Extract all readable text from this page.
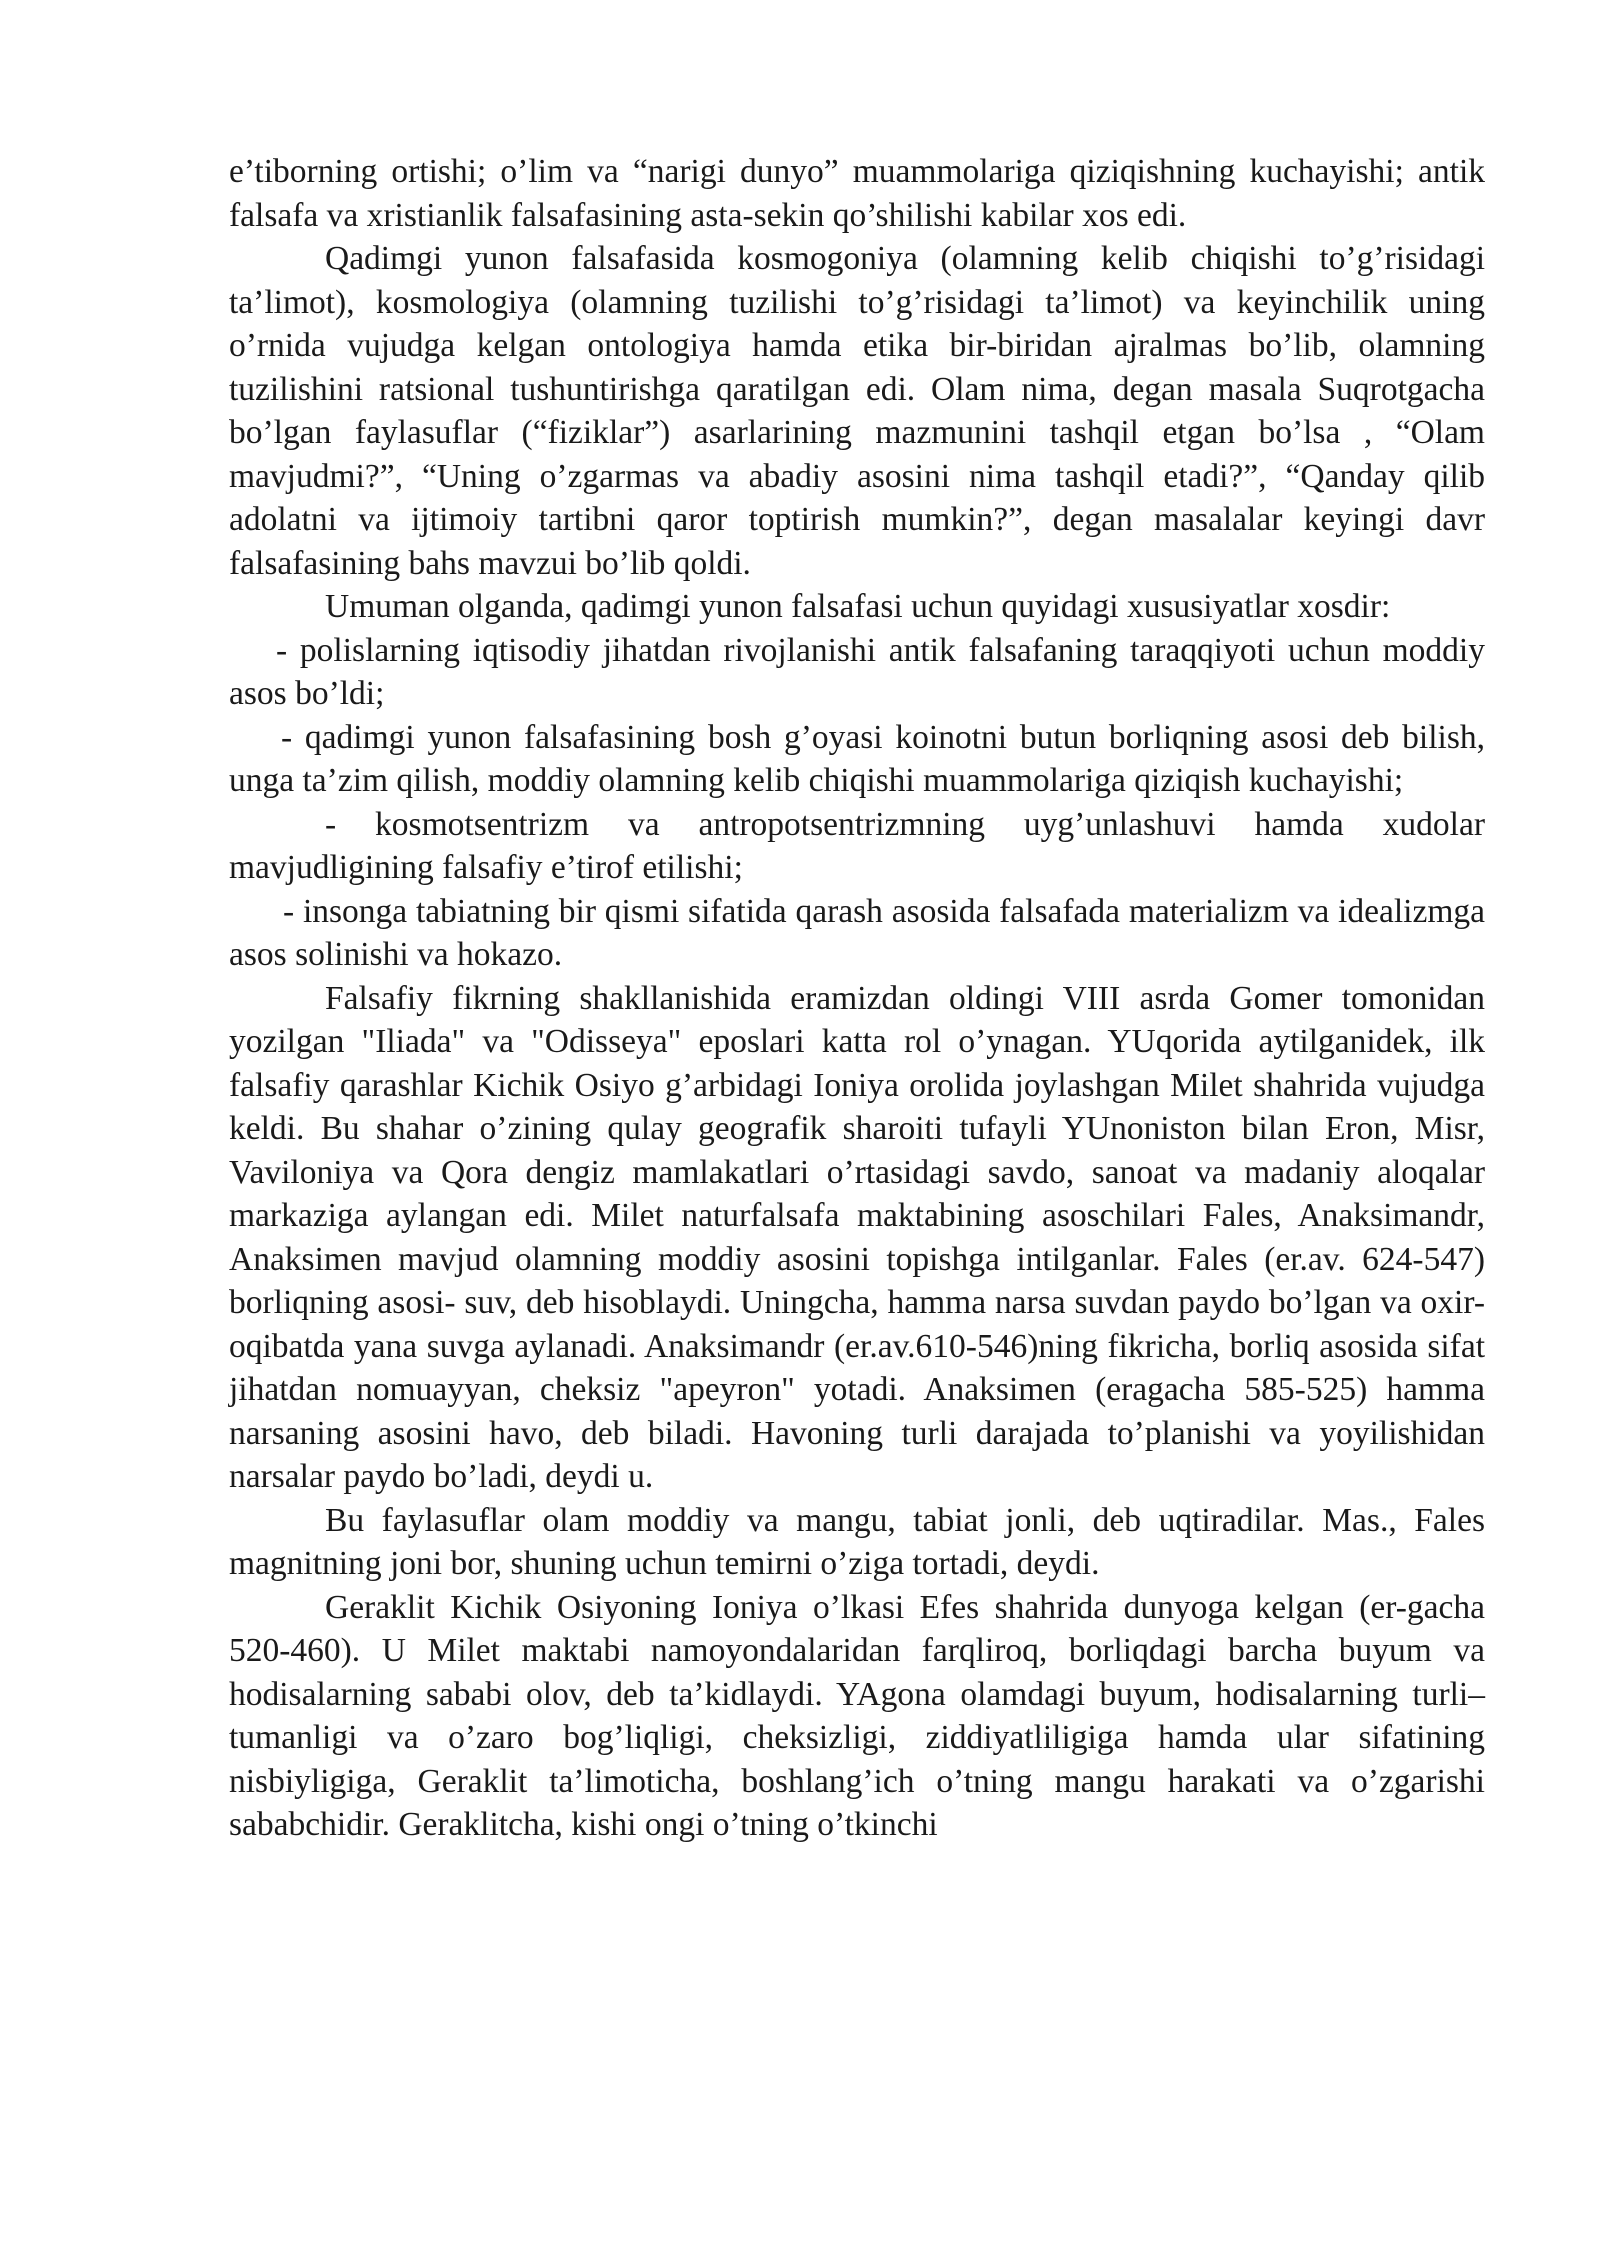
e’tiborning ortishi; o’lim va “narigi dunyo” muammolariga qiziqishning kuchayishi; antik falsafa va xristianlik falsafasining asta-sekin qo’shilishi kabilar xos edi.

Qadimgi yunon falsafasida kosmogoniya (olamning kelib chiqishi to’g’risidagi ta’limot), kosmologiya (olamning tuzilishi to’g’risidagi ta’limot) va keyinchilik uning o’rnida vujudga kelgan ontologiya hamda etika bir-biridan ajralmas bo’lib, olamning tuzilishini ratsional tushuntirishga qaratilgan edi. Olam nima, degan masala Suqrotgacha bo’lgan faylasuflar (“fiziklar”) asarlarining mazmunini tashqil etgan bo’lsa , “Olam mavjudmi?”, “Uning o’zgarmas va abadiy asosini nima tashqil etadi?”, “Qanday qilib adolatni va ijtimoiy tartibni qaror toptirish mumkin?”, degan masalalar keyingi davr falsafasining bahs mavzui bo’lib qoldi.

Umuman olganda, qadimgi yunon falsafasi uchun quyidagi xususiyatlar xosdir:

- polislarning iqtisodiy jihatdan rivojlanishi antik falsafaning taraqqiyoti uchun moddiy asos bo’ldi;

- qadimgi yunon falsafasining bosh g’oyasi koinotni butun borliqning asosi deb bilish, unga ta’zim qilish, moddiy olamning kelib chiqishi muammolariga qiziqish kuchayishi;

- kosmotsentrizm va antropotsentrizmning uyg’unlashuvi hamda xudolar mavjudligining falsafiy e’tirof etilishi;

- insonga tabiatning bir qismi sifatida qarash asosida falsafada materializm va idealizmga asos solinishi va hokazo.

Falsafiy fikrning shakllanishida eramizdan oldingi VIII asrda Gomer tomonidan yozilgan "Iliada" va "Odisseya" eposlari katta rol o’ynagan. YUqorida aytilganidek, ilk falsafiy qarashlar Kichik Osiyo g’arbidagi Ioniya orolida joylashgan Milet shahrida vujudga keldi. Bu shahar o’zining qulay geografik sharoiti tufayli YUnoniston bilan Eron, Misr, Vaviloniya va Qora dengiz mamlakatlari o’rtasidagi savdo, sanoat va madaniy aloqalar markaziga aylangan edi. Milet naturfalsafa maktabining asoschilari Fales, Anaksimandr, Anaksimen mavjud olamning moddiy asosini topishga intilganlar. Fales (er.av. 624-547) borliqning asosi- suv, deb hisoblaydi. Uningcha, hamma narsa suvdan paydo bo’lgan va oxir-oqibatda yana suvga aylanadi. Anaksimandr (er.av.610-546)ning fikricha, borliq asosida sifat jihatdan nomuayyan, cheksiz "apeyron" yotadi. Anaksimen (eragacha 585-525) hamma narsaning asosini havo, deb biladi. Havoning turli darajada to’planishi va yoyilishidan narsalar paydo bo’ladi, deydi u.

Bu faylasuflar olam moddiy va mangu, tabiat jonli, deb uqtiradilar. Mas., Fales magnitning joni bor, shuning uchun temirni o’ziga tortadi, deydi.

Geraklit Kichik Osiyoning Ioniya o’lkasi Efes shahrida dunyoga kelgan (er-gacha 520-460). U Milet maktabi namoyondalaridan farqliroq, borliqdagi barcha buyum va hodisalarning sababi olov, deb ta’kidlaydi. YAgona olamdagi buyum, hodisalarning turli–tumanligi va o’zaro bog’liqligi, cheksizligi, ziddiyatliligiga hamda ular sifatining nisbiyligiga, Geraklit ta’limoticha, boshlang’ich o’tning mangu harakati va o’zgarishi sababchidir. Geraklitcha, kishi ongi o’tning o’tkinchi
